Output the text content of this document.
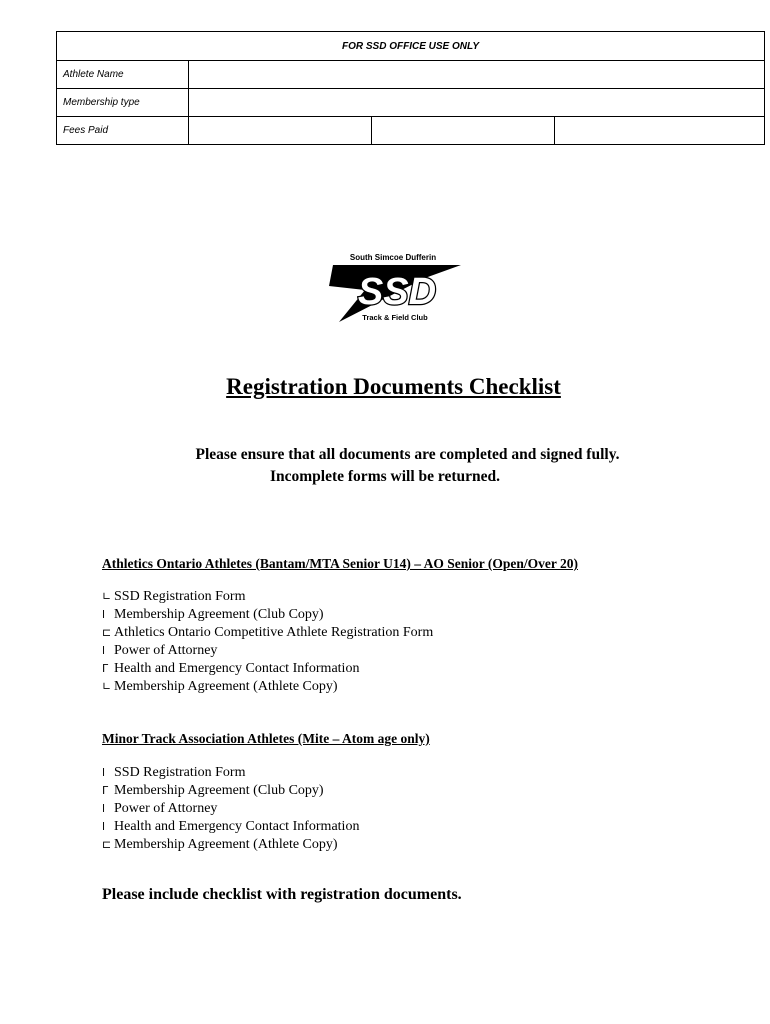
FOR SSD OFFICE USE ONLY			
Athlete Name			
Membership type			
Fees Paid			
South Simcoe Dufferin
SSD
Track & Field Club
Registration Documents Checklist
Please ensure that all documents are completed and signed fully.
Incomplete forms will be returned.
Athletics Ontario Athletes (Bantam/MTA Senior U14) – AO Senior (Open/Over 20)
∟ SSD Registration Form
l Membership Agreement (Club Copy)
⊏ Athletics Ontario Competitive Athlete Registration Form
l Power of Attorney
Γ Health and Emergency Contact Information
∟ Membership Agreement (Athlete Copy)
Minor Track Association Athletes (Mite – Atom age only)
l SSD Registration Form
Γ Membership Agreement (Club Copy)
l Power of Attorney
l Health and Emergency Contact Information
⊏ Membership Agreement (Athlete Copy)
Please include checklist with registration documents.
